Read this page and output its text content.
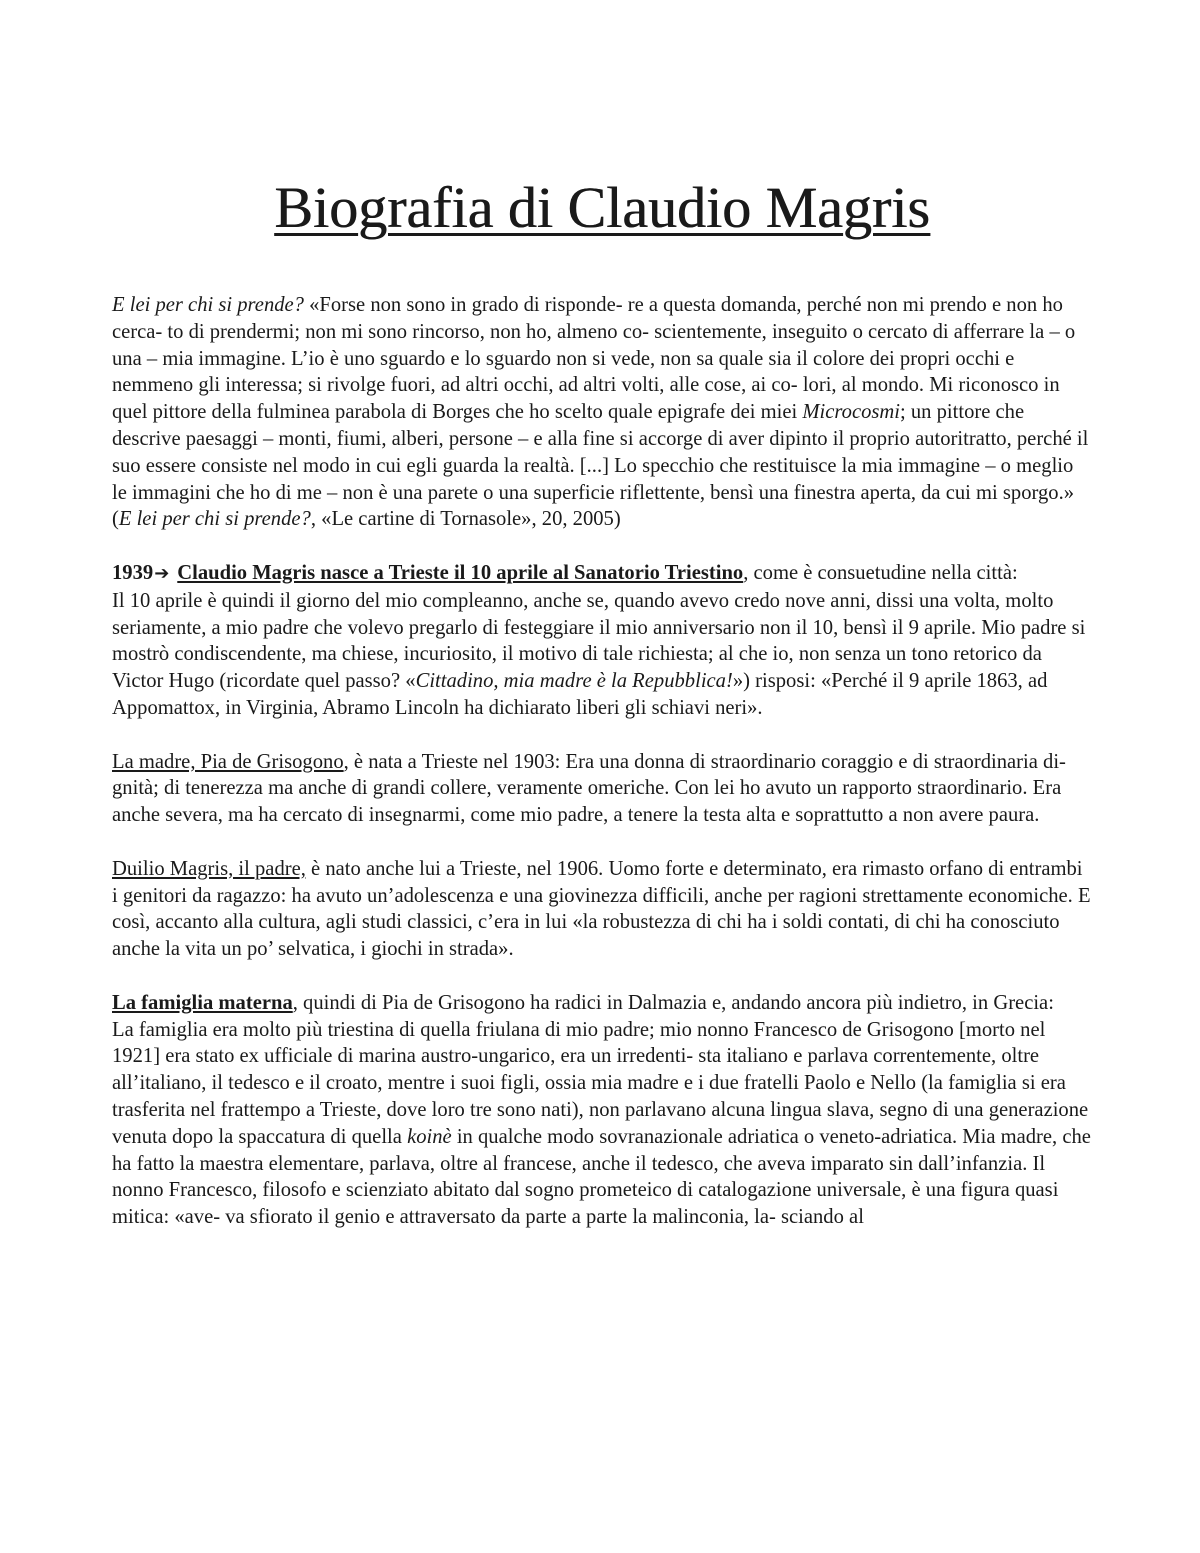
Biografia di Claudio Magris

E lei per chi si prende? «Forse non sono in grado di risponde- re a questa domanda, perché non mi prendo e non ho cerca- to di prendermi; non mi sono rincorso, non ho, almeno co- scientemente, inseguito o cercato di afferrare la – o una – mia immagine. L’io è uno sguardo e lo sguardo non si vede, non sa quale sia il colore dei propri occhi e nemmeno gli interessa; si rivolge fuori, ad altri occhi, ad altri volti, alle cose, ai co- lori, al mondo. Mi riconosco in quel pittore della fulminea parabola di Borges che ho scelto quale epigrafe dei miei Microcosmi; un pittore che descrive paesaggi – monti, fiumi, alberi, persone – e alla fine si accorge di aver dipinto il proprio autoritratto, perché il suo essere consiste nel modo in cui egli guarda la realtà. [...] Lo specchio che restituisce la mia immagine – o meglio le immagini che ho di me – non è una parete o una superficie riflettente, bensì una finestra aperta, da cui mi sporgo.» (E lei per chi si prende?, «Le cartine di Tornasole», 20, 2005)

1939➔ Claudio Magris nasce a Trieste il 10 aprile al Sanatorio Triestino, come è consuetudine nella città:

Il 10 aprile è quindi il giorno del mio compleanno, anche se, quando avevo credo nove anni, dissi una volta, molto seriamente, a mio padre che volevo pregarlo di festeggiare il mio anniversario non il 10, bensì il 9 aprile. Mio padre si mostrò condiscendente, ma chiese, incuriosito, il motivo di tale richiesta; al che io, non senza un tono retorico da Victor Hugo (ricordate quel passo? «Cittadino, mia madre è la Repubblica!») risposi: «Perché il 9 aprile 1863, ad Appomattox, in Virginia, Abramo Lincoln ha dichiarato liberi gli schiavi neri».

La madre, Pia de Grisogono, è nata a Trieste nel 1903: Era una donna di straordinario coraggio e di straordinaria di- gnità; di tenerezza ma anche di grandi collere, veramente omeriche. Con lei ho avuto un rapporto straordinario. Era anche severa, ma ha cercato di insegnarmi, come mio padre, a tenere la testa alta e soprattutto a non avere paura.

Duilio Magris, il padre, è nato anche lui a Trieste, nel 1906. Uomo forte e determinato, era rimasto orfano di entrambi i genitori da ragazzo: ha avuto un’adolescenza e una giovinezza difficili, anche per ragioni strettamente economiche. E così, accanto alla cultura, agli studi classici, c’era in lui «la robustezza di chi ha i soldi contati, di chi ha conosciuto anche la vita un po’ selvatica, i giochi in strada».

La famiglia materna, quindi di Pia de Grisogono ha radici in Dalmazia e, andando ancora più indietro, in Grecia:

La famiglia era molto più triestina di quella friulana di mio padre; mio nonno Francesco de Grisogono [morto nel 1921] era stato ex ufficiale di marina austro-ungarico, era un irredenti- sta italiano e parlava correntemente, oltre all’italiano, il tedesco e il croato, mentre i suoi figli, ossia mia madre e i due fratelli Paolo e Nello (la famiglia si era trasferita nel frattempo a Trieste, dove loro tre sono nati), non parlavano alcuna lingua slava, segno di una generazione venuta dopo la spaccatura di quella koinè in qualche modo sovranazionale adriatica o veneto-adriatica. Mia madre, che ha fatto la maestra elementare, parlava, oltre al francese, anche il tedesco, che aveva imparato sin dall’infanzia. Il nonno Francesco, filosofo e scienziato abitato dal sogno prometeico di catalogazione universale, è una figura quasi mitica: «ave- va sfiorato il genio e attraversato da parte a parte la malinconia, la- sciando al
